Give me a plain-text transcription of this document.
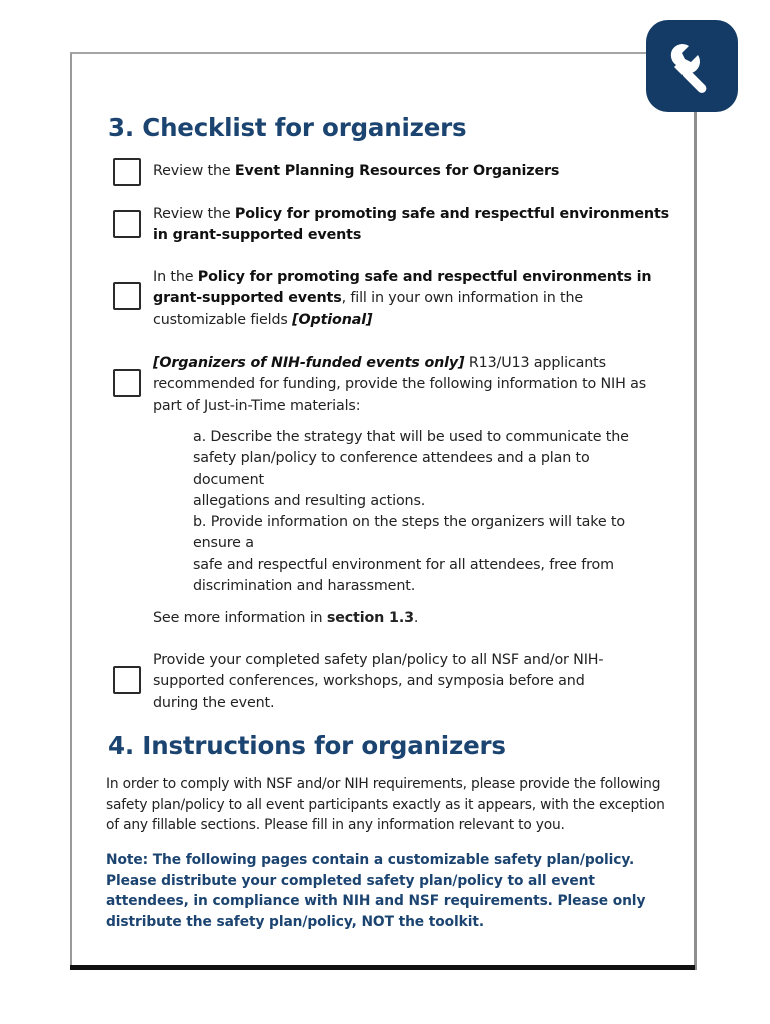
3. Checklist for organizers
Review the Event Planning Resources for Organizers
Review the Policy for promoting safe and respectful environments in grant-supported events
In the Policy for promoting safe and respectful environments in grant-supported events, fill in your own information in the customizable fields [Optional]
[Organizers of NIH-funded events only] R13/U13 applicants recommended for funding, provide the following information to NIH as part of Just-in-Time materials:
a. Describe the strategy that will be used to communicate the safety plan/policy to conference attendees and a plan to document
allegations and resulting actions.
b. Provide information on the steps the organizers will take to ensure a
safe and respectful environment for all attendees, free from discrimination and harassment.
See more information in section 1.3.
Provide your completed safety plan/policy to all NSF and/or NIH-supported conferences, workshops, and symposia before and during the event.
4. Instructions for organizers
In order to comply with NSF and/or NIH requirements, please provide the following safety plan/policy to all event participants exactly as it appears, with the exception of any fillable sections. Please fill in any information relevant to you.
Note: The following pages contain a customizable safety plan/policy. Please distribute your completed safety plan/policy to all event attendees, in compliance with NIH and NSF requirements. Please only distribute the safety plan/policy, NOT the toolkit.
